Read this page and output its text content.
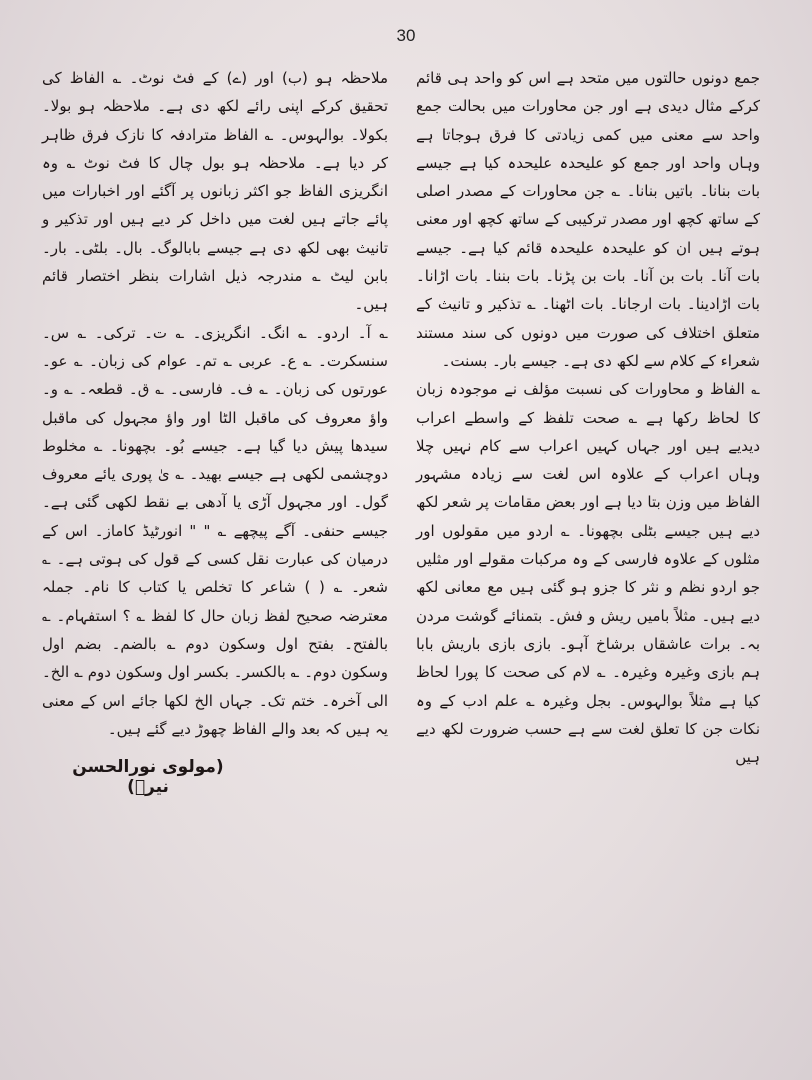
30

جمع دونوں حالتوں میں متحد ہے اس کو واحد ہی قائم کرکے مثال دیدی ہے اور جن محاورات میں بحالت جمع واحد سے معنی میں کمی زیادتی کا فرق ہوجاتا ہے وہاں واحد اور جمع کو علیحدہ علیحدہ کیا ہے جیسے بات بنانا۔ باتیں بنانا۔ ؎ جن محاورات کے مصدر اصلی کے ساتھ کچھ اور مصدر ترکیبی کے ساتھ کچھ اور معنی ہوتے ہیں ان کو علیحدہ علیحدہ قائم کیا ہے۔ جیسے بات آنا۔ بات بن آنا۔ بات بن پڑنا۔ بات بننا۔ بات اڑانا۔ بات اڑادینا۔ بات ارجانا۔ بات اٹھنا۔ ؎ تذکیر و تانیث کے متعلق اختلاف کی صورت میں دونوں کی سند مستند شعراء کے کلام سے لکھ دی ہے۔ جیسے بار۔ بسنت۔

؎ الفاظ و محاورات کی نسبت مؤلف نے موجودہ زبان کا لحاظ رکھا ہے ؎ صحت تلفظ کے واسطے اعراب دیدیے ہیں اور جہاں کہیں اعراب سے کام نہیں چلا وہاں اعراب کے علاوہ اس لغت سے زیادہ مشہور الفاظ میں وزن بتا دیا ہے اور بعض مقامات پر شعر لکھ دیے ہیں جیسے بٹلی بچھونا۔ ؎ اردو میں مقولوں اور مثلوں کے علاوہ فارسی کے وہ مرکبات مقولے اور مثلیں جو اردو نظم و نثر کا جزو ہو گئی ہیں مع معانی لکھ دیے ہیں۔ مثلاً بامیں ریش و فش۔ بتمنائے گوشت مردن بہ۔ برات عاشقاں برشاخ آہو۔ بازی بازی باریش بابا ہم بازی وغیرہ وغیرہ۔ ؎ لام کی صحت کا پورا لحاظ کیا ہے مثلاً بوالہوس۔ بجل وغیرہ ؎ علم ادب کے وہ نکات جن کا تعلق لغت سے ہے حسب ضرورت لکھ دیے ہیں

ملاحظہ ہو (ب) اور (ے) کے فٹ نوٹ۔ ؎ الفاظ کی تحقیق کرکے اپنی رائے لکھ دی ہے۔ ملاحظہ ہو بولا۔ بکولا۔ بوالہوس۔ ؎ الفاظ مترادفہ کا نازک فرق ظاہر کر دیا ہے۔ ملاحظہ ہو بول چال کا فٹ نوٹ ؎ وہ انگریزی الفاظ جو اکثر زبانوں پر آگئے اور اخبارات میں پائے جاتے ہیں لغت میں داخل کر دیے ہیں اور تذکیر و تانیث بھی لکھ دی ہے جیسے بابالوگ۔ بال۔ بلٹی۔ بار۔ بابن لیٹ ؎ مندرجہ ذیل اشارات بنظر اختصار قائم ہیں۔

؎ آ۔ اردو۔ ؎ انگ۔ انگریزی۔ ؎ ت۔ ترکی۔ ؎ س۔ سنسکرت۔ ؎ ع۔ عربی ؎ تم۔ عوام کی زبان۔ ؎ عو۔ عورتوں کی زبان۔ ؎ ف۔ فارسی۔ ؎ ق۔ قطعہ۔ ؎ و۔ واؤ معروف کی ماقبل الٹا اور واؤ مجہول کی ماقبل سیدھا پیش دیا گیا ہے۔ جیسے بُو۔ بچھونا۔ ؎ مخلوط دوچشمی لکھی ہے جیسے بھید۔ ؎ یٰ پوری یائے معروف گول۔ اور مجہول آڑی یا آدھی بے نقط لکھی گئی ہے۔ جیسے حنفی۔ آگے پیچھے ؎ " " انورٹیڈ کاماز۔ اس کے درمیان کی عبارت نقل کسی کے قول کی ہوتی ہے۔ ؎ شعر۔ ؎ ( ) شاعر کا تخلص یا کتاب کا نام۔ جملہ معترضہ صحیح لفظ زبان حال کا لفظ ؎ ؟ استفہام۔ ؎ بالفتح۔ بفتح اول وسکون دوم ؎ بالضم۔ بضم اول وسکون دوم۔ ؎ بالکسر۔ بکسر اول وسکون دوم ؎ الخ۔ الی آخرہ۔ ختم تک۔ جہاں الخ لکھا جائے اس کے معنی یہ ہیں کہ بعد والے الفاظ چھوڑ دیے گئے ہیں۔

(مولوی نورالحسن نیرؔ)
